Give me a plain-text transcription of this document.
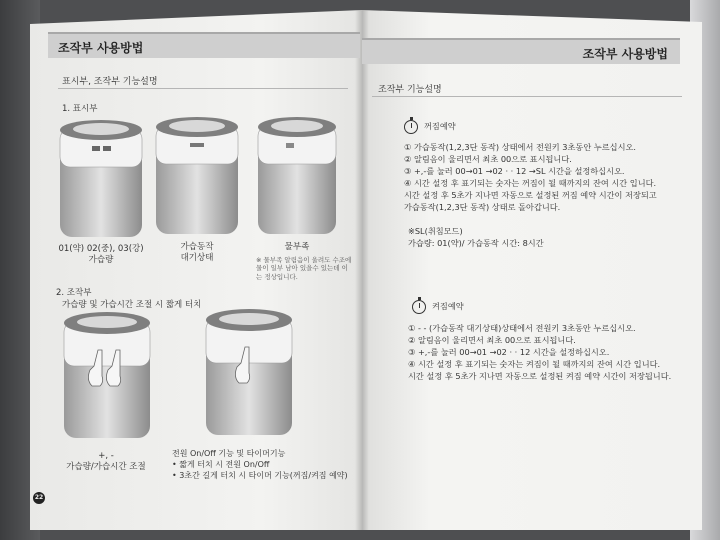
조작부 사용방법
표시부, 조작부 기능설명
1. 표시부
01(약) 02(중), 03(강)
가습량
가습동작
대기상태
물부족
※ 물부족 알림음이 울려도 수조에 물이 일부 남아 있을수 있는데 이는 정상입니다.
2. 조작부
가습량 및 가습시간 조절 시 짧게 터치
+, -
가습량/가습시간 조절
전원 On/Off 기능 및 타이머기능
• 짧게 터치 시 전원 On/Off
• 3초간 길게 터치 시 타이머 기능(꺼짐/켜짐 예약)
22
조작부 사용방법
조작부 기능설명
꺼짐예약
① 가습동작(1,2,3단 동작) 상태에서 전원키 3초동안 누르십시오.
② 알림음이 울리면서 최초 00으로 표시됩니다.
③ +,-를 눌러 00→01 →02 · · 12 →SL 시간을 설정하십시오.
④ 시간 설정 후 표기되는 숫자는 꺼짐이 될 때까지의 잔여 시간 입니다.
시간 설정 후 5초가 지나면 자동으로 설정된 꺼짐 예약 시간이 저장되고
가습동작(1,2,3단 동작) 상태로 돌아갑니다.
※SL(취침모드)
가습량: 01(약)/ 가습동작 시간: 8시간
켜짐예약
① - - (가습동작 대기상태)상태에서 전원키 3초동안 누르십시오.
② 알림음이 울리면서 최초 00으로 표시됩니다.
③ +,-를 눌러 00→01 →02 · · 12 시간을 설정하십시오.
④ 시간 설정 후 표기되는 숫자는 켜짐이 될 때까지의 잔여 시간 입니다.
시간 설정 후 5초가 지나면 자동으로 설정된 켜짐 예약 시간이 저장됩니다.
